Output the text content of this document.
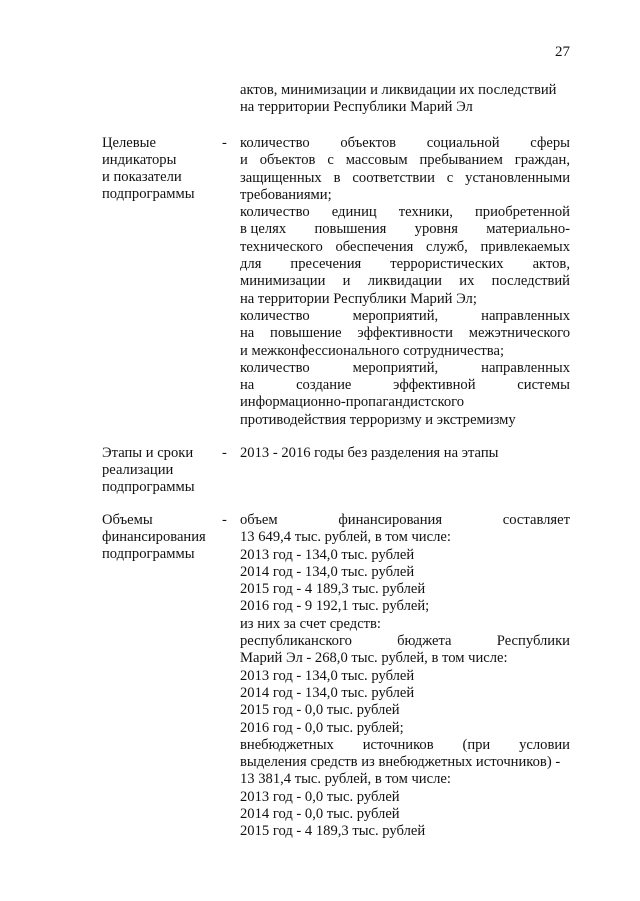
27
актов, минимизации и ликвидации их последствий
на территории Республики Марий Эл
Целевые
индикаторы
и показатели
подпрограммы
- количество объектов социальной сферы
и объектов с массовым пребыванием граждан,
защищенных в соответствии с установленными
требованиями;
количество единиц техники, приобретенной
в целях повышения уровня материально-
технического обеспечения служб, привлекаемых
для пресечения террористических актов,
минимизации и ликвидации их последствий
на территории Республики Марий Эл;
количество	мероприятий,	направленных
на повышение эффективности межэтнического
и межконфессионального сотрудничества;
количество	мероприятий,	направленных
на	создание	эффективной	системы
информационно-пропагандистского
противодействия терроризму и экстремизму
Этапы и сроки
реализации
подпрограммы
- 2013 - 2016 годы без разделения на этапы
Объемы
финансирования
подпрограммы
- объем	финансирования	составляет
13 649,4 тыс. рублей, в том числе:
2013 год - 134,0 тыс. рублей
2014 год - 134,0 тыс. рублей
2015 год - 4 189,3 тыс. рублей
2016 год - 9 192,1 тыс. рублей;
из них за счет средств:
республиканского	бюджета	Республики
Марий Эл - 268,0 тыс. рублей, в том числе:
2013 год - 134,0 тыс. рублей
2014 год - 134,0 тыс. рублей
2015 год - 0,0 тыс. рублей
2016 год - 0,0 тыс. рублей;
внебюджетных источников (при условии
выделения средств из внебюджетных источников) -
13 381,4 тыс. рублей, в том числе:
2013 год - 0,0 тыс. рублей
2014 год - 0,0 тыс. рублей
2015 год - 4 189,3 тыс. рублей
